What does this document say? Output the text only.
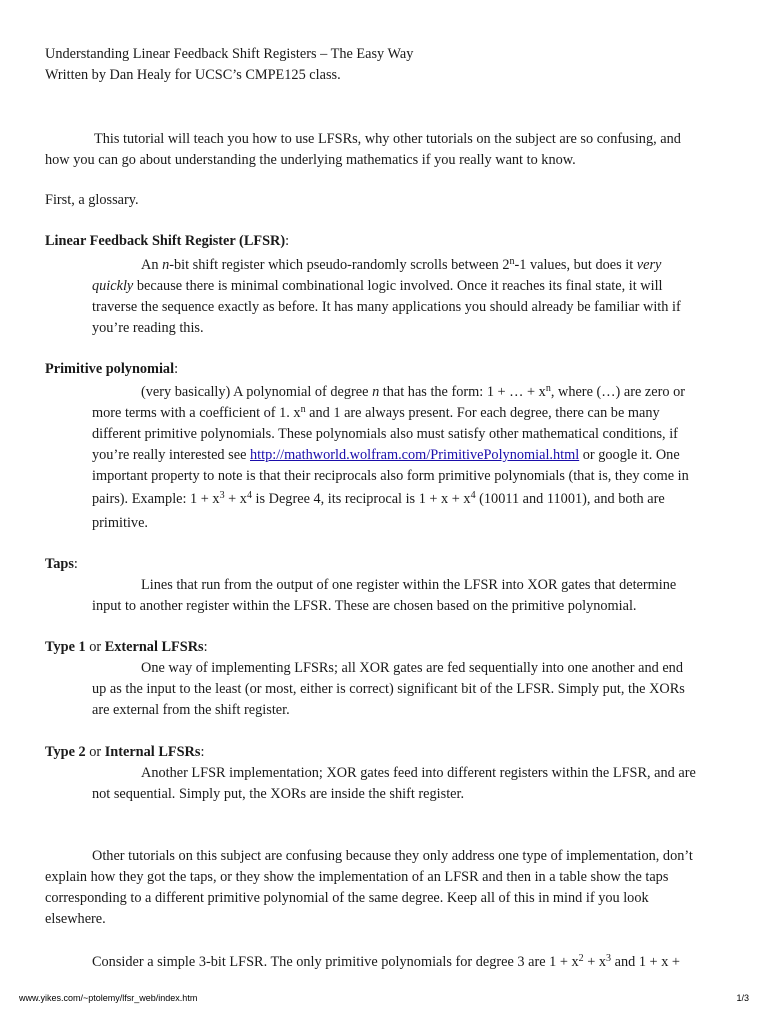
Understanding Linear Feedback Shift Registers – The Easy Way
Written by Dan Healy for UCSC’s CMPE125 class.
This tutorial will teach you how to use LFSRs, why other tutorials on the subject are so confusing, and
how you can go about understanding the underlying mathematics if you really want to know.
First, a glossary.
Linear Feedback Shift Register (LFSR):
An n-bit shift register which pseudo-randomly scrolls between 2$^n$-1 values, but does it very
quickly because there is minimal combinational logic involved. Once it reaches its final state, it will
traverse the sequence exactly as before. It has many applications you should already be familiar with if
you’re reading this.
Primitive polynomial:
(very basically) A polynomial of degree n that has the form: 1 + … + $x^n$, where (…) are zero or
more terms with a coefficient of 1. $x^n$ and 1 are always present. For each degree, there can be many
different primitive polynomials. These polynomials also must satisfy other mathematical conditions, if
you’re really interested see http://mathworld.wolfram.com/PrimitivePolynomial.html or google it. One
important property to note is that their reciprocals also form primitive polynomials (that is, they come in
pairs). Example: $1 + x^3 + x^4$ is Degree 4, its reciprocal is $1 + x + x^4$ (10011 and 11001), and both are
primitive.
Taps:
Lines that run from the output of one register within the LFSR into XOR gates that determine
input to another register within the LFSR. These are chosen based on the primitive polynomial.
Type 1 or External LFSRs:
One way of implementing LFSRs; all XOR gates are fed sequentially into one another and end
up as the input to the least (or most, either is correct) significant bit of the LFSR. Simply put, the XORs
are external from the shift register.
Type 2 or Internal LFSRs:
Another LFSR implementation; XOR gates feed into different registers within the LFSR, and are
not sequential. Simply put, the XORs are inside the shift register.
Other tutorials on this subject are confusing because they only address one type of implementation, don’t
explain how they got the taps, or they show the implementation of an LFSR and then in a table show the taps
corresponding to a different primitive polynomial of the same degree. Keep all of this in mind if you look
elsewhere.
Consider a simple 3-bit LFSR. The only primitive polynomials for degree 3 are $1 + x^2 + x^3$ and 1 + x +
www.yikes.com/~ptolemy/lfsr_web/index.htm	1/3
